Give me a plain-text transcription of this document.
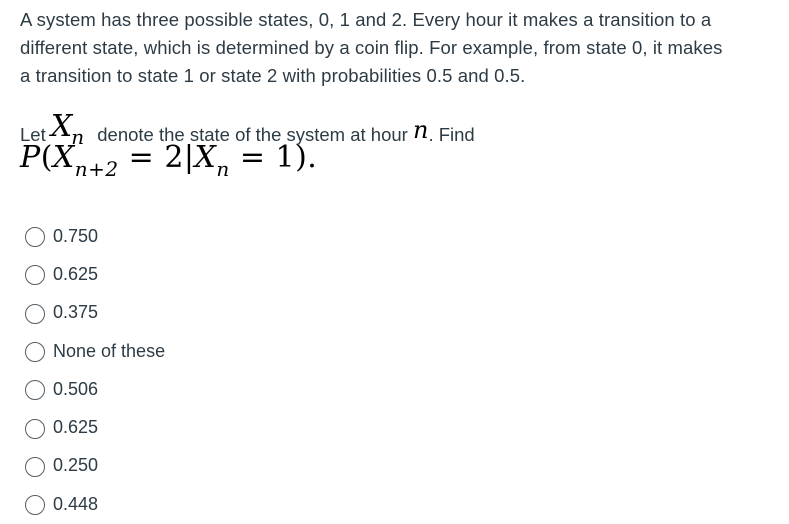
A system has three possible states, 0, 1 and 2. Every hour it makes a transition to a
different state, which is determined by a coin flip. For example, from state 0, it makes
a transition to state 1 or state 2 with probabilities 0.5 and 0.5.
Let Xn denote the state of the system at hour n. Find
$P(X_{n+2} = 2|X_n = 1)$.
0.750
0.625
0.375
None of these
0.506
0.625
0.250
0.448
